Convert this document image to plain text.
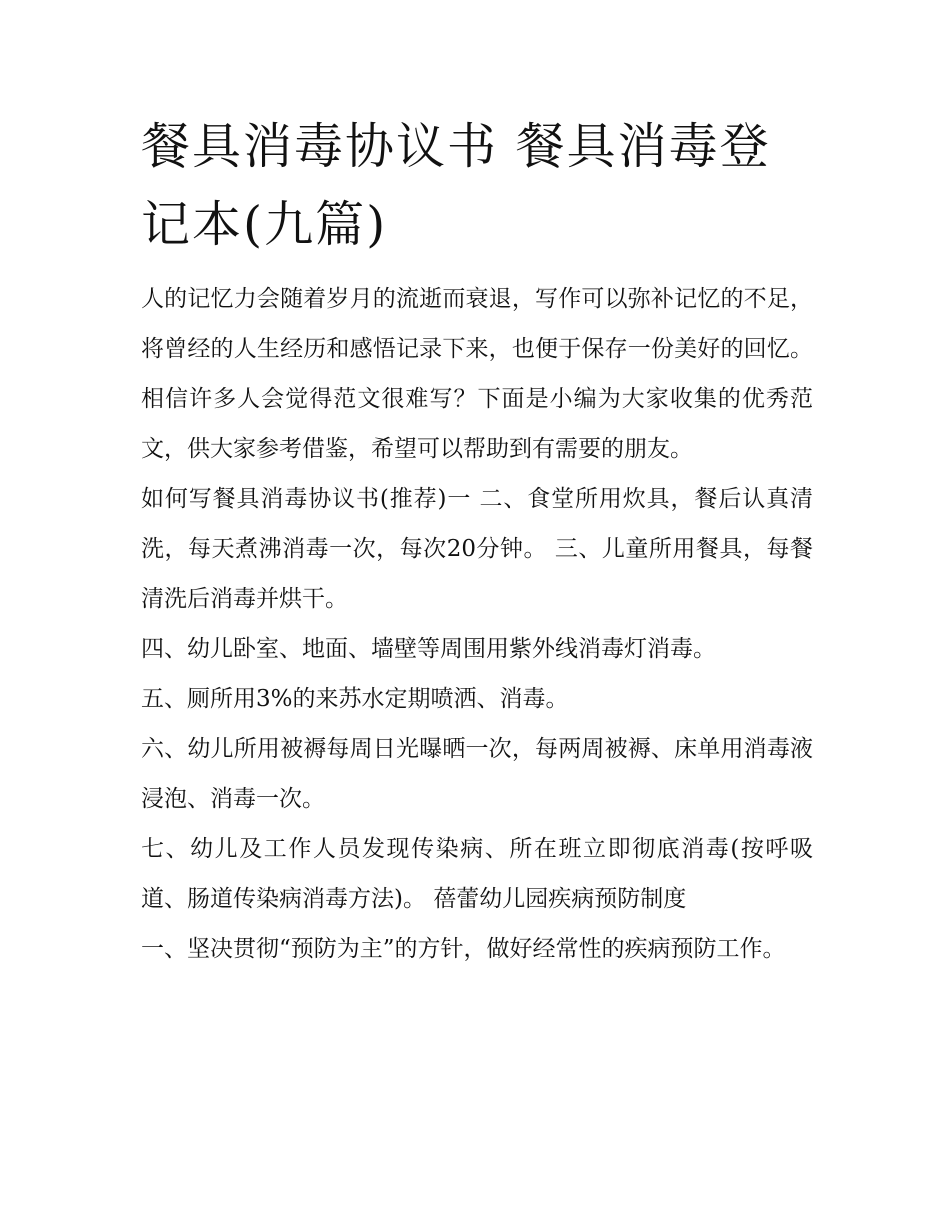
餐具消毒协议书 餐具消毒登记本(九篇)

人的记忆力会随着岁月的流逝而衰退，写作可以弥补记忆的不足，将曾经的人生经历和感悟记录下来，也便于保存一份美好的回忆。相信许多人会觉得范文很难写？下面是小编为大家收集的优秀范文，供大家参考借鉴，希望可以帮助到有需要的朋友。

如何写餐具消毒协议书(推荐)一 二、食堂所用炊具，餐后认真清洗，每天煮沸消毒一次，每次20分钟。 三、儿童所用餐具，每餐清洗后消毒并烘干。

四、幼儿卧室、地面、墙壁等周围用紫外线消毒灯消毒。

五、厕所用3%的来苏水定期喷洒、消毒。

六、幼儿所用被褥每周日光曝晒一次，每两周被褥、床单用消毒液浸泡、消毒一次。

七、幼儿及工作人员发现传染病、所在班立即彻底消毒(按呼吸道、肠道传染病消毒方法)。 蓓蕾幼儿园疾病预防制度

一、坚决贯彻“预防为主”的方针，做好经常性的疾病预防工作。
